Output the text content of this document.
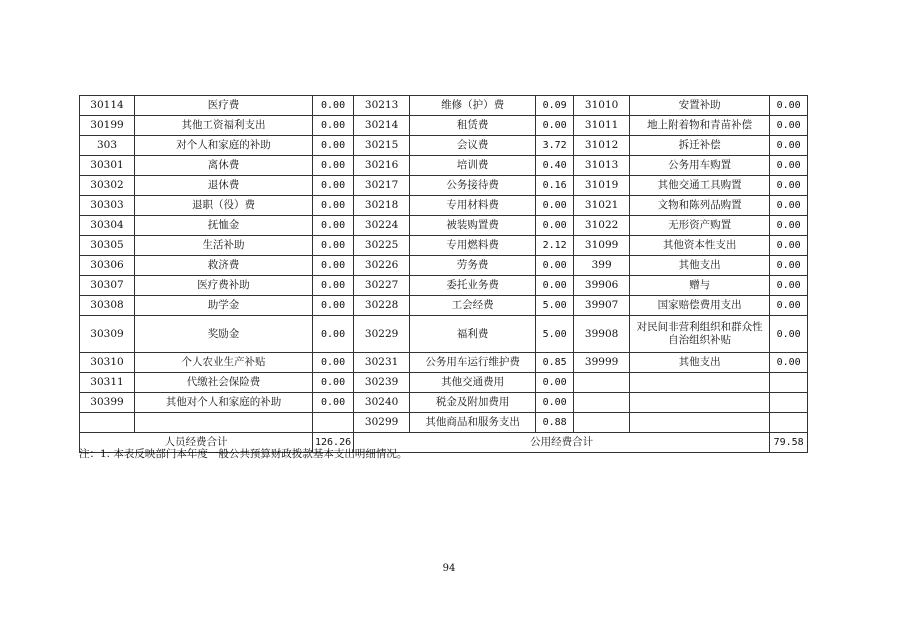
30114	医疗费	0.00	30213	维修（护）费	0.09	31010	安置补助	0.00
30199	其他工资福利支出	0.00	30214	租赁费	0.00	31011	地上附着物和青苗补偿	0.00
303	对个人和家庭的补助	0.00	30215	会议费	3.72	31012	拆迁补偿	0.00
30301	离休费	0.00	30216	培训费	0.40	31013	公务用车购置	0.00
30302	退休费	0.00	30217	公务接待费	0.16	31019	其他交通工具购置	0.00
30303	退职（役）费	0.00	30218	专用材料费	0.00	31021	文物和陈列品购置	0.00
30304	抚恤金	0.00	30224	被装购置费	0.00	31022	无形资产购置	0.00
30305	生活补助	0.00	30225	专用燃料费	2.12	31099	其他资本性支出	0.00
30306	救济费	0.00	30226	劳务费	0.00	399	其他支出	0.00
30307	医疗费补助	0.00	30227	委托业务费	0.00	39906	赠与	0.00
30308	助学金	0.00	30228	工会经费	5.00	39907	国家赔偿费用支出	0.00
30309	奖励金	0.00	30229	福利费	5.00	39908	对民间非营利组织和群众性自治组织补贴	0.00
30310	个人农业生产补贴	0.00	30231	公务用车运行维护费	0.85	39999	其他支出	0.00
30311	代缴社会保险费	0.00	30239	其他交通费用	0.00			
30399	其他对个人和家庭的补助	0.00	30240	税金及附加费用	0.00			
			30299	其他商品和服务支出	0.88			
人员经费合计		126.26	公用经费合计					79.58
注：1. 本表反映部门本年度一般公共预算财政拨款基本支出明细情况。
94
